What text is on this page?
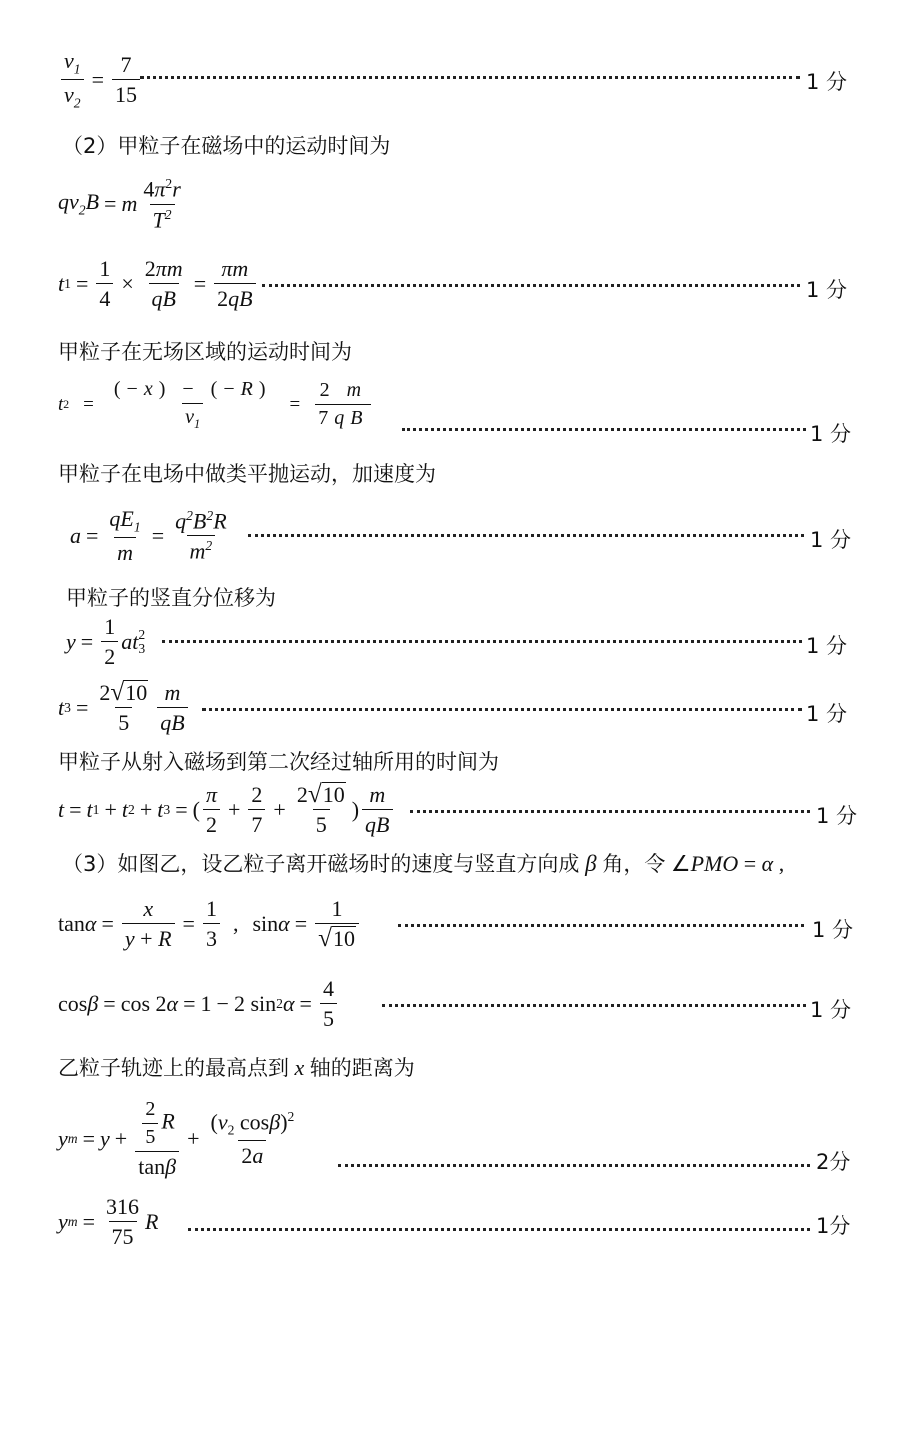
$\frac{v_1}{v_2} = \frac{7}{15}$	1 分
（2）甲粒子在磁场中的运动时间为
$qv_2B = m \frac{4\pi^2r}{T^2}$
t $1 = \frac{1}{4} \times \frac{2\pi m}{qB} = \frac{\pi m}{2qB}$	1 分
甲粒子在无场区域的运动时间为
t $2 = \frac{(-x) - (-R)}{v_1} = \frac{2 m}{7qB}$
1 分
甲粒子在电场中做类平抛运动，加速度为
$a = \frac{qE_1}{m} = \frac{q^2B^2R}{m^2}$	1 分
甲粒子的竖直分位移为
$y = \frac{1}{2}$ at 2
3	1 分
t $3 = \frac{2 √ 10}{5} \frac{m}{qB}$	1 分
甲粒子从射入磁场到第二次经过轴所用的时间为
t = t 1 + t 2 + t 3 = ( $\frac{\pi}{2} + \frac{2}{7} + \frac{2 √ 10}{5}$ ) $\frac{m}{qB}$	1 分
（3）如图乙，设乙粒子离开磁场时的速度与竖直方向成 β 角，令 ∠PMO = α ,
$\tan \alpha = \frac{x}{y + R} = \frac{1}{3}$ , $\sin \alpha = \frac{1}{√ 10}$	1 分
cos β = cos 2 α = 1 − 2 sin 2 $\alpha = \frac{4}{5}$	1 分
乙粒子轨迹上的最高点到 x 轴的距离为
y $m = y + \frac{\frac{2}{5} R}{\tan\beta} + \frac{(v_2 \cos\beta)^2}{2a}$	2分
y $m = \frac{316}{75}$ R	1分
